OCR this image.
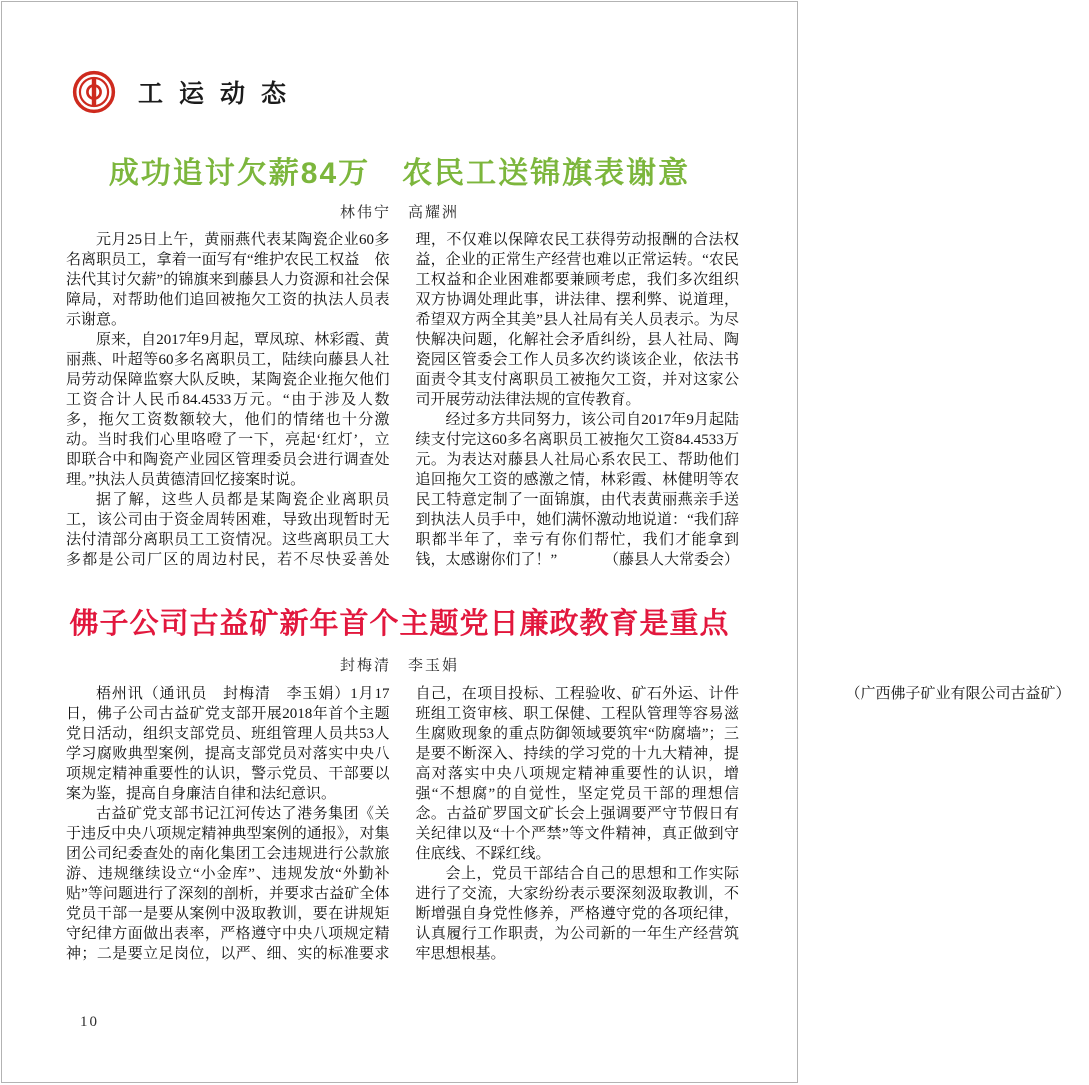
工运动态
成功追讨欠薪84万　农民工送锦旗表谢意
林伟宁　高耀洲

元月25日上午，黄丽燕代表某陶瓷企业60多名离职员工，拿着一面写有“维护农民工权益　依法代其讨欠薪”的锦旗来到藤县人力资源和社会保障局，对帮助他们追回被拖欠工资的执法人员表示谢意。

原来，自2017年9月起，覃凤琼、林彩霞、黄丽燕、叶超等60多名离职员工，陆续向藤县人社局劳动保障监察大队反映，某陶瓷企业拖欠他们工资合计人民币84.4533万元。“由于涉及人数多，拖欠工资数额较大，他们的情绪也十分激动。当时我们心里咯噔了一下，亮起‘红灯’，立即联合中和陶瓷产业园区管理委员会进行调查处理。”执法人员黄德清回忆接案时说。

据了解，这些人员都是某陶瓷企业离职员工，该公司由于资金周转困难，导致出现暂时无法付清部分离职员工工资情况。这些离职员工大多都是公司厂区的周边村民，若不尽快妥善处理，不仅难以保障农民工获得劳动报酬的合法权益，企业的正常生产经营也难以正常运转。“农民工权益和企业困难都要兼顾考虑，我们多次组织双方协调处理此事，讲法律、摆利弊、说道理，希望双方两全其美”县人社局有关人员表示。为尽快解决问题，化解社会矛盾纠纷，县人社局、陶瓷园区管委会工作人员多次约谈该企业，依法书面责令其支付离职员工被拖欠工资，并对这家公司开展劳动法律法规的宣传教育。

经过多方共同努力，该公司自2017年9月起陆续支付完这60多名离职员工被拖欠工资84.4533万元。为表达对藤县人社局心系农民工、帮助他们追回拖欠工资的感激之情，林彩霞、林健明等农民工特意定制了一面锦旗，由代表黄丽燕亲手送到执法人员手中，她们满怀激动地说道：“我们辞职都半年了，幸亏有你们帮忙，我们才能拿到钱，太感谢你们了！”	（藤县人大常委会）

佛子公司古益矿新年首个主题党日廉政教育是重点
封梅清　李玉娟

梧州讯（通讯员　封梅清　李玉娟）1月17日，佛子公司古益矿党支部开展2018年首个主题党日活动，组织支部党员、班组管理人员共53人学习腐败典型案例，提高支部党员对落实中央八项规定精神重要性的认识，警示党员、干部要以案为鉴，提高自身廉洁自律和法纪意识。

古益矿党支部书记江河传达了港务集团《关于违反中央八项规定精神典型案例的通报》，对集团公司纪委查处的南化集团工会违规进行公款旅游、违规继续设立“小金库”、违规发放“外勤补贴”等问题进行了深刻的剖析，并要求古益矿全体党员干部一是要从案例中汲取教训，要在讲规矩守纪律方面做出表率，严格遵守中央八项规定精神；二是要立足岗位，以严、细、实的标准要求自己，在项目投标、工程验收、矿石外运、计件班组工资审核、职工保健、工程队管理等容易滋生腐败现象的重点防御领域要筑牢“防腐墙”；三是要不断深入、持续的学习党的十九大精神，提高对落实中央八项规定精神重要性的认识，增强“不想腐”的自觉性，坚定党员干部的理想信念。古益矿罗国文矿长会上强调要严守节假日有关纪律以及“十个严禁”等文件精神，真正做到守住底线、不踩红线。

会上，党员干部结合自己的思想和工作实际进行了交流，大家纷纷表示要深刻汲取教训，不断增强自身党性修养，严格遵守党的各项纪律，认真履行工作职责，为公司新的一年生产经营筑牢思想根基。

（广西佛子矿业有限公司古益矿）

10
